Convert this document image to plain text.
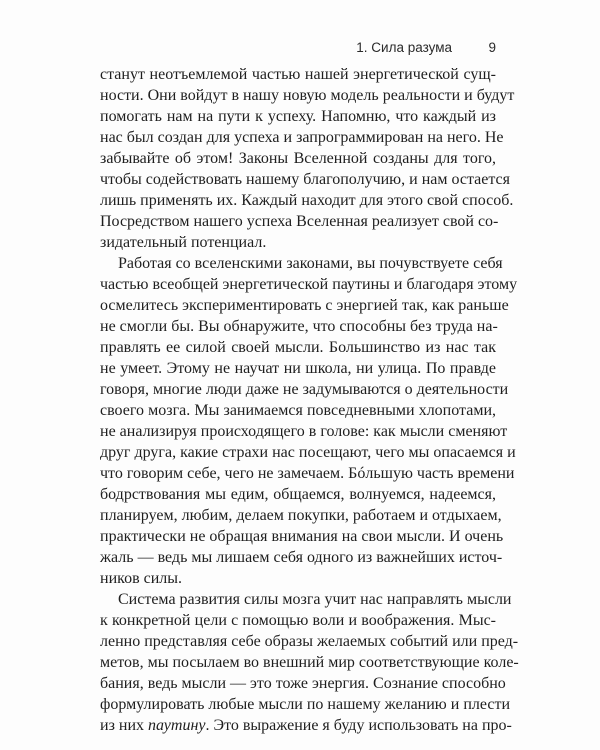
1. Сила разума	9
станут неотъемлемой частью нашей энергетической сущ-
ности. Они войдут в нашу новую модель реальности и будут
помогать нам на пути к успеху. Напомню, что каждый из
нас был создан для успеха и запрограммирован на него. Не
забывайте об этом! Законы Вселенной созданы для того,
чтобы содействовать нашему благополучию, и нам остается
лишь применять их. Каждый находит для этого свой способ.
Посредством нашего успеха Вселенная реализует свой со-
зидательный потенциал.
Работая со вселенскими законами, вы почувствуете себя
частью всеобщей энергетической паутины и благодаря этому
осмелитесь экспериментировать с энергией так, как раньше
не смогли бы. Вы обнаружите, что способны без труда на-
правлять ее силой своей мысли. Большинство из нас так
не умеет. Этому не научат ни школа, ни улица. По правде
говоря, многие люди даже не задумываются о деятельности
своего мозга. Мы занимаемся повседневными хлопотами,
не анализируя происходящего в голове: как мысли сменяют
друг друга, какие страхи нас посещают, чего мы опасаемся и
что говорим себе, чего не замечаем. Бóльшую часть времени
бодрствования мы едим, общаемся, волнуемся, надеемся,
планируем, любим, делаем покупки, работаем и отдыхаем,
практически не обращая внимания на свои мысли. И очень
жаль — ведь мы лишаем себя одного из важнейших источ-
ников силы.
Система развития силы мозга учит нас направлять мысли
к конкретной цели с помощью воли и воображения. Мыс-
ленно представляя себе образы желаемых событий или пред-
метов, мы посылаем во внешний мир соответствующие коле-
бания, ведь мысли — это тоже энергия. Сознание способно
формулировать любые мысли по нашему желанию и плести
из них паутину. Это выражение я буду использовать на про-
